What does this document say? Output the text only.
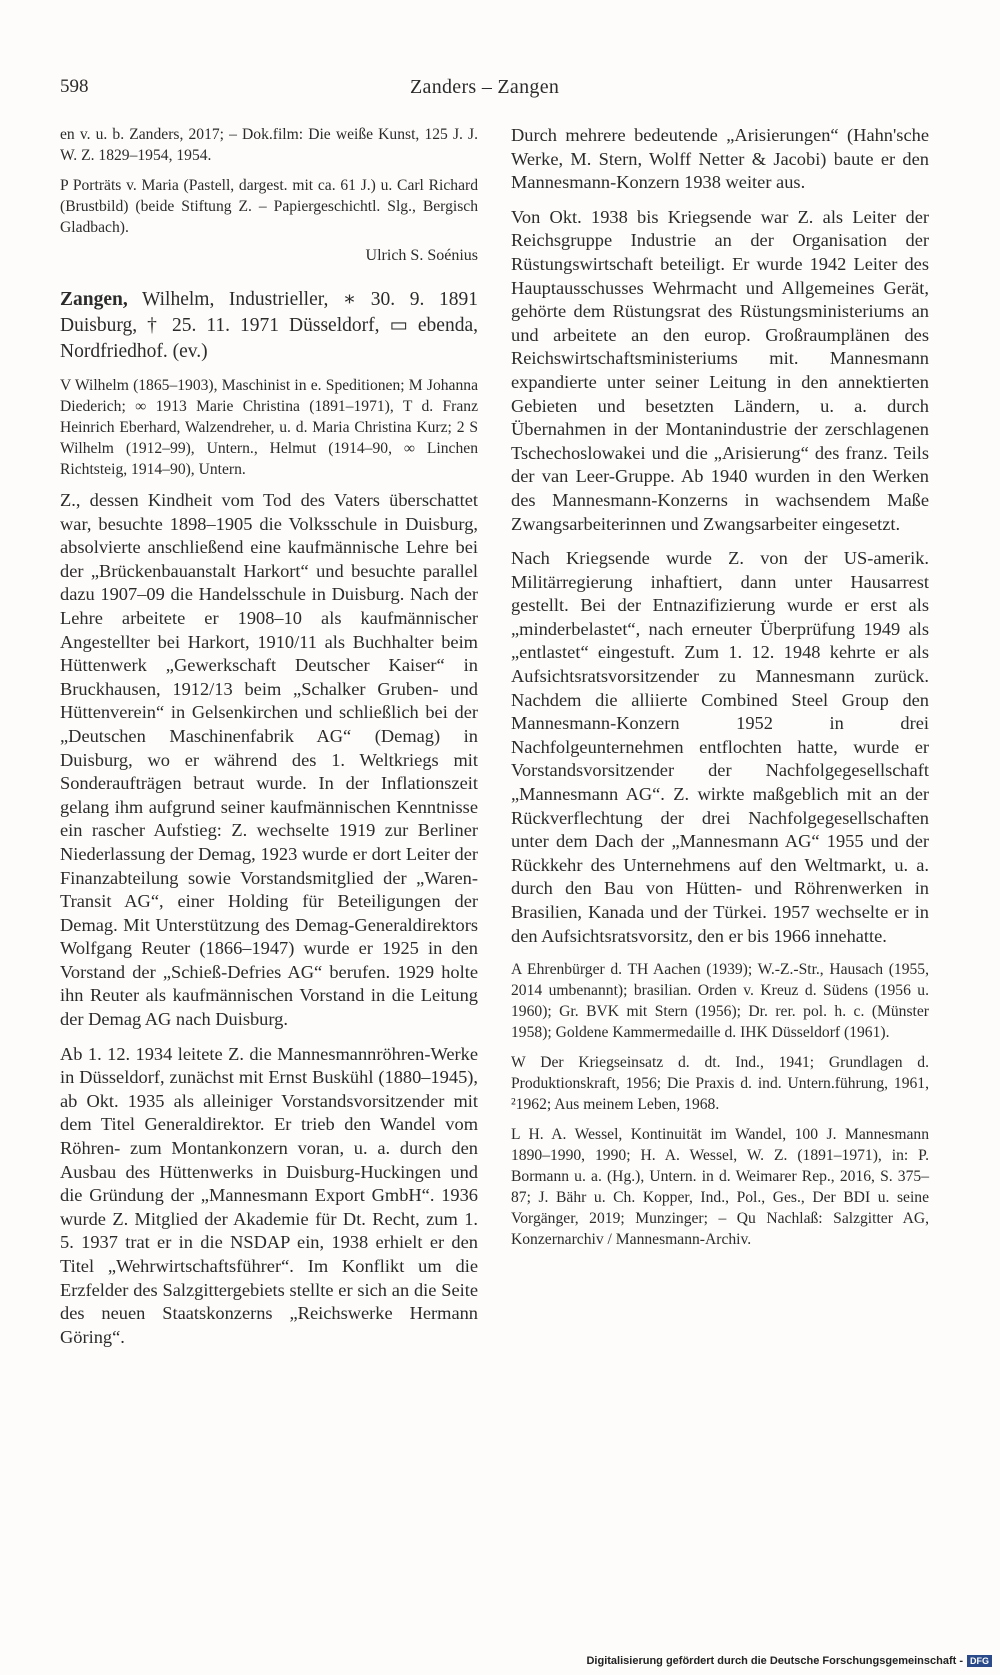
598	Zanders – Zangen

en v. u. b. Zanders, 2017; – Dok.film: Die weiße Kunst, 125 J. J. W. Z. 1829–1954, 1954.

P Porträts v. Maria (Pastell, dargest. mit ca. 61 J.) u. Carl Richard (Brustbild) (beide Stiftung Z. – Papiergeschichtl. Slg., Bergisch Gladbach).

Ulrich S. Soénius

Zangen, Wilhelm, Industrieller, ∗ 30. 9. 1891 Duisburg, † 25. 11. 1971 Düsseldorf, ▭ ebenda, Nordfriedhof. (ev.)

V Wilhelm (1865–1903), Maschinist in e. Speditionen; M Johanna Diederich; ∞ 1913 Marie Christina (1891–1971), T d. Franz Heinrich Eberhard, Walzendreher, u. d. Maria Christina Kurz; 2 S Wilhelm (1912–99), Untern., Helmut (1914–90, ∞ Linchen Richtsteig, 1914–90), Untern.

Z., dessen Kindheit vom Tod des Vaters überschattet war, besuchte 1898–1905 die Volksschule in Duisburg, absolvierte anschließend eine kaufmännische Lehre bei der „Brückenbauanstalt Harkort“ und besuchte parallel dazu 1907–09 die Handelsschule in Duisburg. Nach der Lehre arbeitete er 1908–10 als kaufmännischer Angestellter bei Harkort, 1910/11 als Buchhalter beim Hüttenwerk „Gewerkschaft Deutscher Kaiser“ in Bruckhausen, 1912/13 beim „Schalker Gruben- und Hüttenverein“ in Gelsenkirchen und schließlich bei der „Deutschen Maschinenfabrik AG“ (Demag) in Duisburg, wo er während des 1. Weltkriegs mit Sonderaufträgen betraut wurde. In der Inflationszeit gelang ihm aufgrund seiner kaufmännischen Kenntnisse ein rascher Aufstieg: Z. wechselte 1919 zur Berliner Niederlassung der Demag, 1923 wurde er dort Leiter der Finanzabteilung sowie Vorstandsmitglied der „Waren-Transit AG“, einer Holding für Beteiligungen der Demag. Mit Unterstützung des Demag-Generaldirektors Wolfgang Reuter (1866–1947) wurde er 1925 in den Vorstand der „Schieß-Defries AG“ berufen. 1929 holte ihn Reuter als kaufmännischen Vorstand in die Leitung der Demag AG nach Duisburg.

Ab 1. 12. 1934 leitete Z. die Mannesmannröhren-Werke in Düsseldorf, zunächst mit Ernst Buskühl (1880–1945), ab Okt. 1935 als alleiniger Vorstandsvorsitzender mit dem Titel Generaldirektor. Er trieb den Wandel vom Röhren- zum Montankonzern voran, u. a. durch den Ausbau des Hüttenwerks in Duisburg-Huckingen und die Gründung der „Mannesmann Export GmbH“. 1936 wurde Z. Mitglied der Akademie für Dt. Recht, zum 1. 5. 1937 trat er in die NSDAP ein, 1938 erhielt er den Titel „Wehrwirtschaftsführer“. Im Konflikt um die Erzfelder des Salzgittergebiets stellte er sich an die Seite des neuen Staatskonzerns „Reichswerke Hermann Göring“.

Durch mehrere bedeutende „Arisierungen“ (Hahn'sche Werke, M. Stern, Wolff Netter & Jacobi) baute er den Mannesmann-Konzern 1938 weiter aus.

Von Okt. 1938 bis Kriegsende war Z. als Leiter der Reichsgruppe Industrie an der Organisation der Rüstungswirtschaft beteiligt. Er wurde 1942 Leiter des Hauptausschusses Wehrmacht und Allgemeines Gerät, gehörte dem Rüstungsrat des Rüstungsministeriums an und arbeitete an den europ. Großraumplänen des Reichswirtschaftsministeriums mit. Mannesmann expandierte unter seiner Leitung in den annektierten Gebieten und besetzten Ländern, u. a. durch Übernahmen in der Montanindustrie der zerschlagenen Tschechoslowakei und die „Arisierung“ des franz. Teils der van Leer-Gruppe. Ab 1940 wurden in den Werken des Mannesmann-Konzerns in wachsendem Maße Zwangsarbeiterinnen und Zwangsarbeiter eingesetzt.

Nach Kriegsende wurde Z. von der US-amerik. Militärregierung inhaftiert, dann unter Hausarrest gestellt. Bei der Entnazifizierung wurde er erst als „minderbelastet“, nach erneuter Überprüfung 1949 als „entlastet“ eingestuft. Zum 1. 12. 1948 kehrte er als Aufsichtsratsvorsitzender zu Mannesmann zurück. Nachdem die alliierte Combined Steel Group den Mannesmann-Konzern 1952 in drei Nachfolgeunternehmen entflochten hatte, wurde er Vorstandsvorsitzender der Nachfolgegesellschaft „Mannesmann AG“. Z. wirkte maßgeblich mit an der Rückverflechtung der drei Nachfolgegesellschaften unter dem Dach der „Mannesmann AG“ 1955 und der Rückkehr des Unternehmens auf den Weltmarkt, u. a. durch den Bau von Hütten- und Röhrenwerken in Brasilien, Kanada und der Türkei. 1957 wechselte er in den Aufsichtsratsvorsitz, den er bis 1966 innehatte.

A Ehrenbürger d. TH Aachen (1939); W.-Z.-Str., Hausach (1955, 2014 umbenannt); brasilian. Orden v. Kreuz d. Südens (1956 u. 1960); Gr. BVK mit Stern (1956); Dr. rer. pol. h. c. (Münster 1958); Goldene Kammermedaille d. IHK Düsseldorf (1961).

W Der Kriegseinsatz d. dt. Ind., 1941; Grundlagen d. Produktionskraft, 1956; Die Praxis d. ind. Untern.führung, 1961, ²1962; Aus meinem Leben, 1968.

L H. A. Wessel, Kontinuität im Wandel, 100 J. Mannesmann 1890–1990, 1990; H. A. Wessel, W. Z. (1891–1971), in: P. Bormann u. a. (Hg.), Untern. in d. Weimarer Rep., 2016, S. 375–87; J. Bähr u. Ch. Kopper, Ind., Pol., Ges., Der BDI u. seine Vorgänger, 2019; Munzinger; – Qu Nachlaß: Salzgitter AG, Konzernarchiv / Mannesmann-Archiv.

Digitalisierung gefördert durch die Deutsche Forschungsgemeinschaft - DFG
